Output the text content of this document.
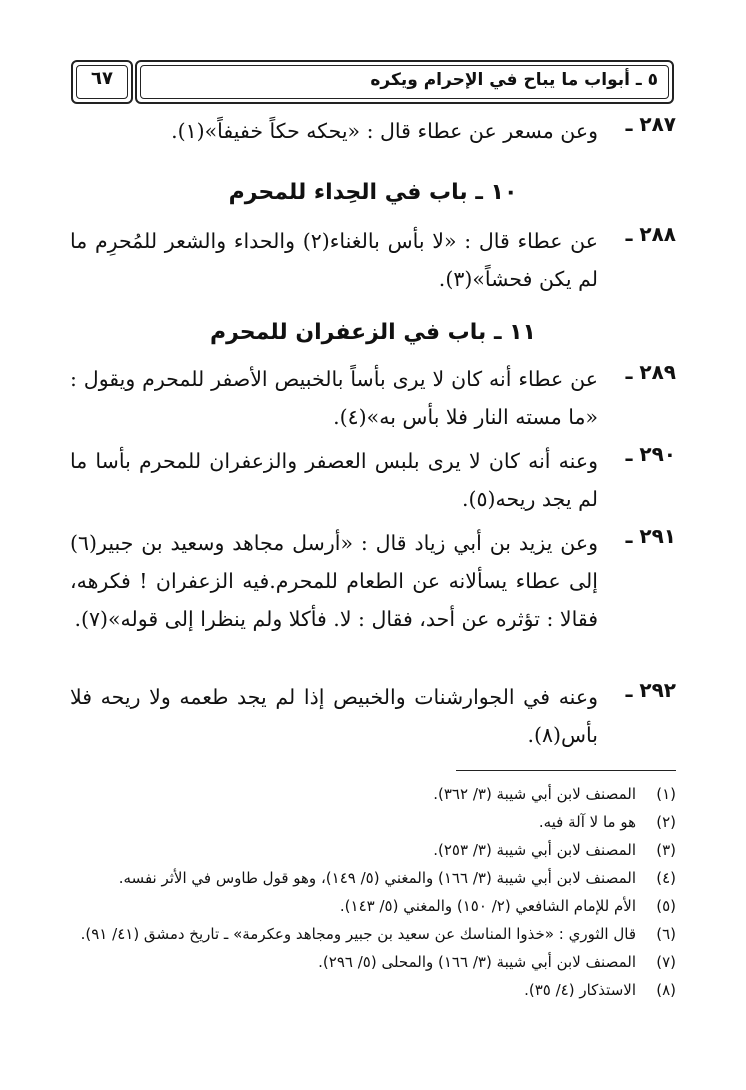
٥ ـ أبواب ما يباح في الإحرام ويكره
٦٧
٢٨٧ ـ
وعن مسعر عن عطاء قال : «يحكه حكاً خفيفاً»(١).
١٠ ـ باب في الحِداء للمحرم
٢٨٨ ـ
عن عطاء قال : «لا بأس بالغناء(٢) والحداء والشعر للمُحرِم ما لم يكن فحشاً»(٣).
١١ ـ باب في الزعفران للمحرم
٢٨٩ ـ
عن عطاء أنه كان لا يرى بأساً بالخبيص الأصفر للمحرم ويقول : «ما مسته النار فلا بأس به»(٤).
٢٩٠ ـ
وعنه أنه كان لا يرى بلبس العصفر والزعفران للمحرم بأسا ما لم يجد ريحه(٥).
٢٩١ ـ
وعن يزيد بن أبي زياد قال : «أرسل مجاهد وسعيد بن جبير(٦) إلى عطاء يسألانه عن الطعام للمحرم.فيه الزعفران ! فكرهه، فقالا : تؤثره عن أحد، فقال : لا. فأكلا ولم ينظرا إلى قوله»(٧).
٢٩٢ ـ
وعنه في الجوارشنات والخبيص إذا لم يجد طعمه ولا ريحه فلا بأس(٨).
(١)
المصنف لابن أبي شيبة (٣/ ٣٦٢).
(٢)
هو ما لا آلة فيه.
(٣)
المصنف لابن أبي شيبة (٣/ ٢٥٣).
(٤)
المصنف لابن أبي شيبة (٣/ ١٦٦) والمغني (٥/ ١٤٩)، وهو قول طاوس في الأثر نفسه.
(٥)
الأم للإمام الشافعي (٢/ ١٥٠) والمغني (٥/ ١٤٣).
(٦)
قال الثوري : «خذوا المناسك عن سعيد بن جبير ومجاهد وعكرمة» ـ تاريخ دمشق (٤١/ ٩١).
(٧)
المصنف لابن أبي شيبة (٣/ ١٦٦) والمحلى (٥/ ٢٩٦).
(٨)
الاستذكار (٤/ ٣٥).
